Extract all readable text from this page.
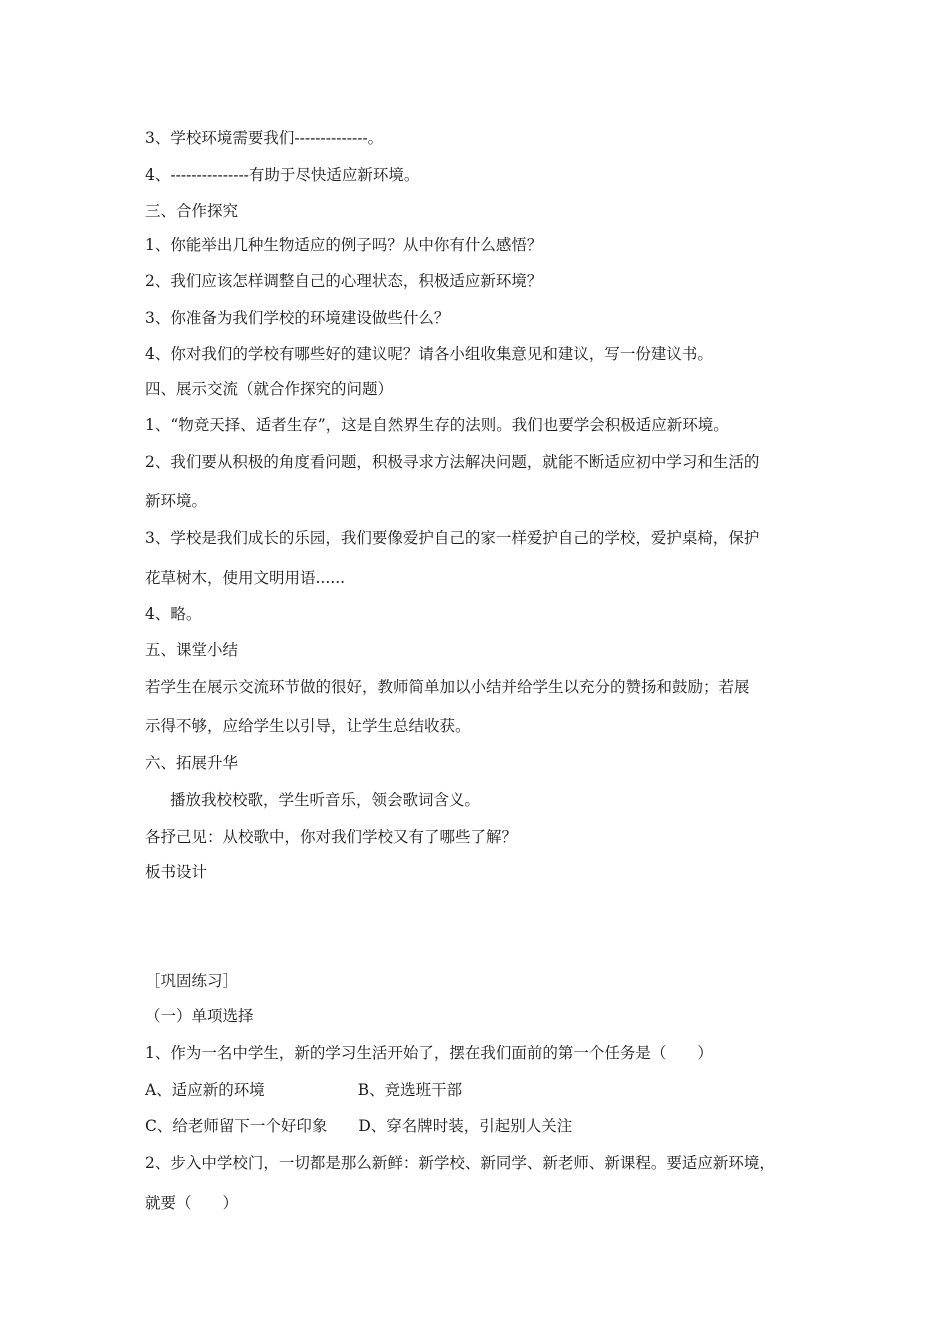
3、学校环境需要我们--------------。

4、---------------有助于尽快适应新环境。

三、合作探究

1、你能举出几种生物适应的例子吗？从中你有什么感悟？

2、我们应该怎样调整自己的心理状态，积极适应新环境？

3、你准备为我们学校的环境建设做些什么？

4、你对我们的学校有哪些好的建议呢？请各小组收集意见和建议，写一份建议书。

四、展示交流（就合作探究的问题）

1、“物竞天择、适者生存”，这是自然界生存的法则。我们也要学会积极适应新环境。

2、我们要从积极的角度看问题，积极寻求方法解决问题，就能不断适应初中学习和生活的

新环境。

3、学校是我们成长的乐园，我们要像爱护自己的家一样爱护自己的学校，爱护桌椅，保护

花草树木，使用文明用语......

4、略。

五、课堂小结

若学生在展示交流环节做的很好，教师简单加以小结并给学生以充分的赞扬和鼓励；若展

示得不够，应给学生以引导，让学生总结收获。

六、拓展升华

播放我校校歌，学生听音乐，领会歌词含义。

各抒己见：从校歌中，你对我们学校又有了哪些了解？

板书设计

［巩固练习］

（一）单项选择

1、作为一名中学生，新的学习生活开始了，摆在我们面前的第一个任务是（　　）

A、适应新的环境　　　　　　B、竞选班干部

C、给老师留下一个好印象　　D、穿名牌时装，引起别人关注

2、步入中学校门，一切都是那么新鲜：新学校、新同学、新老师、新课程。要适应新环境，

就要（　　）
